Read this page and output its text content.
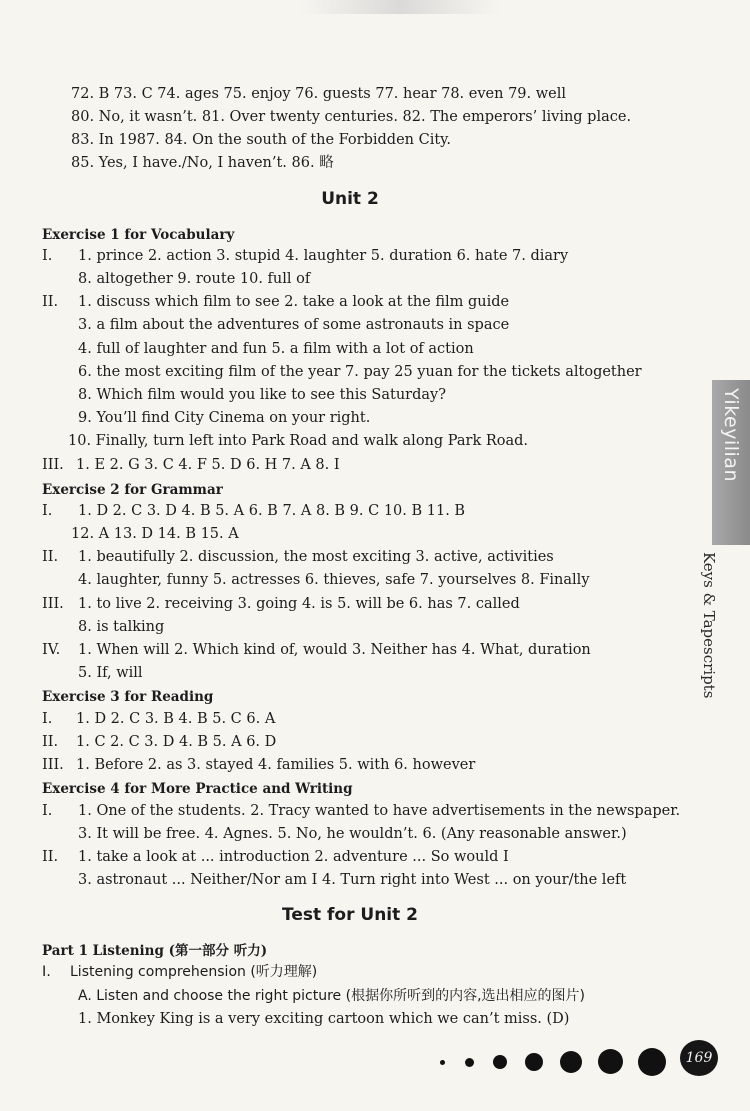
72. B 73. C 74. ages 75. enjoy 76. guests 77. hear 78. even 79. well
80. No, it wasn’t. 81. Over twenty centuries. 82. The emperors’ living place.
83. In 1987. 84. On the south of the Forbidden City.
85. Yes, I have./No, I haven’t. 86. 略
Unit 2
Exercise 1 for Vocabulary
I. 1. prince 2. action 3. stupid 4. laughter 5. duration 6. hate 7. diary
8. altogether 9. route 10. full of
II. 1. discuss which film to see 2. take a look at the film guide
3. a film about the adventures of some astronauts in space
4. full of laughter and fun 5. a film with a lot of action
6. the most exciting film of the year 7. pay 25 yuan for the tickets altogether
8. Which film would you like to see this Saturday?
9. You’ll find City Cinema on your right.
10. Finally, turn left into Park Road and walk along Park Road.
III. 1. E 2. G 3. C 4. F 5. D 6. H 7. A 8. I
Exercise 2 for Grammar
I. 1. D 2. C 3. D 4. B 5. A 6. B 7. A 8. B 9. C 10. B 11. B
12. A 13. D 14. B 15. A
II. 1. beautifully 2. discussion, the most exciting 3. active, activities
4. laughter, funny 5. actresses 6. thieves, safe 7. yourselves 8. Finally
III. 1. to live 2. receiving 3. going 4. is 5. will be 6. has 7. called
8. is talking
IV. 1. When will 2. Which kind of, would 3. Neither has 4. What, duration
5. If, will
Exercise 3 for Reading
I. 1. D 2. C 3. B 4. B 5. C 6. A
II. 1. C 2. C 3. D 4. B 5. A 6. D
III. 1. Before 2. as 3. stayed 4. families 5. with 6. however
Exercise 4 for More Practice and Writing
I. 1. One of the students. 2. Tracy wanted to have advertisements in the newspaper.
3. It will be free. 4. Agnes. 5. No, he wouldn’t. 6. (Any reasonable answer.)
II. 1. take a look at ... introduction 2. adventure ... So would I
3. astronaut ... Neither/Nor am I 4. Turn right into West ... on your/the left
Test for Unit 2
Part 1 Listening (第一部分 听力)
I. Listening comprehension (听力理解)
A. Listen and choose the right picture (根据你所听到的内容,选出相应的图片)
1. Monkey King is a very exciting cartoon which we can’t miss. (D)
Yikeyilian
Keys & Tapescripts
169
